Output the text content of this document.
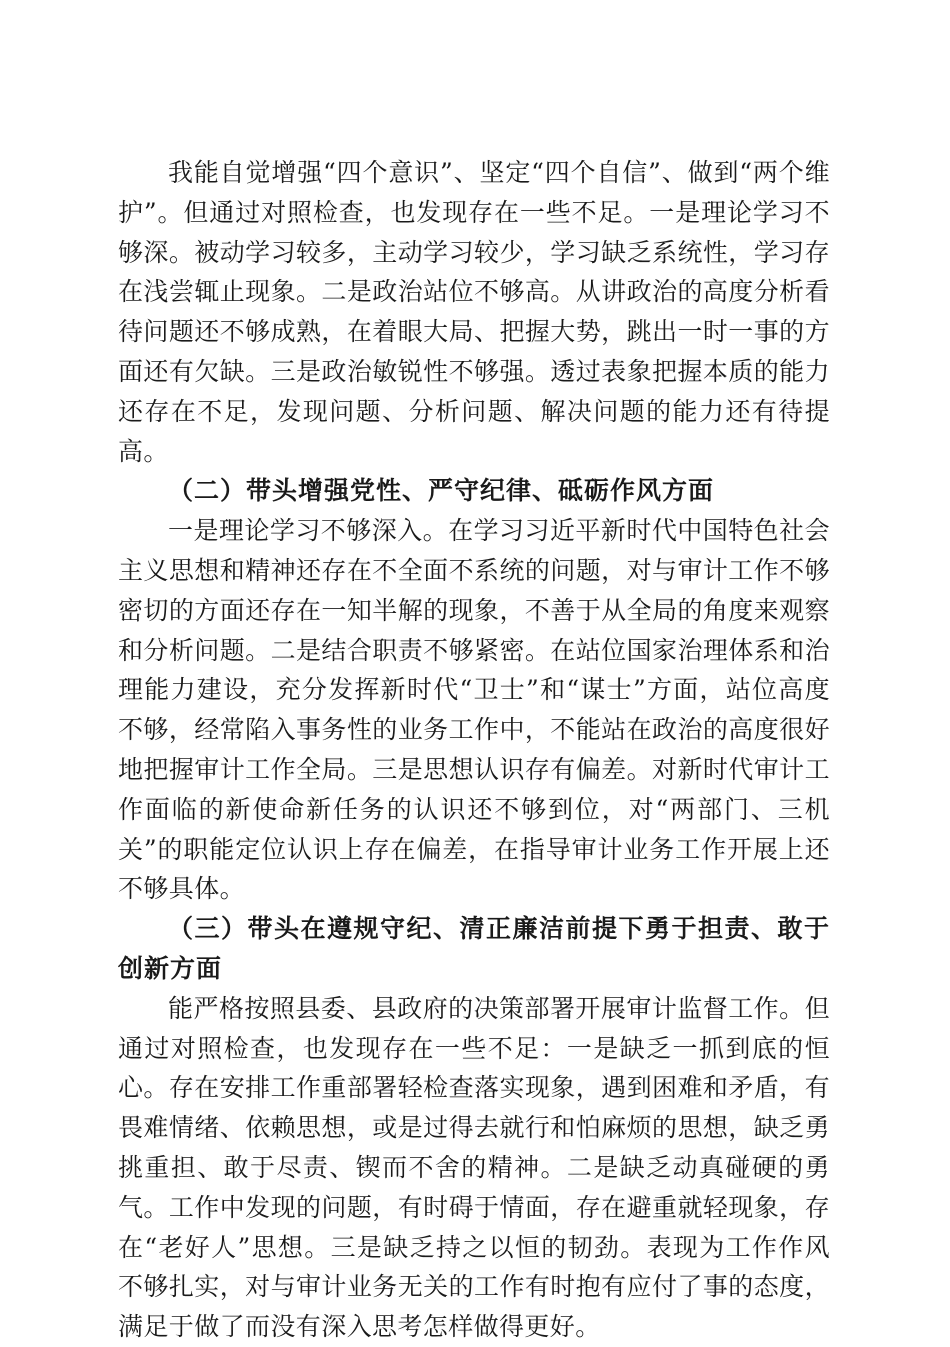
我能自觉增强“四个意识”、坚定“四个自信”、做到“两个维护”。但通过对照检查，也发现存在一些不足。一是理论学习不够深。被动学习较多，主动学习较少，学习缺乏系统性，学习存在浅尝辄止现象。二是政治站位不够高。从讲政治的高度分析看待问题还不够成熟，在着眼大局、把握大势，跳出一时一事的方面还有欠缺。三是政治敏锐性不够强。透过表象把握本质的能力还存在不足，发现问题、分析问题、解决问题的能力还有待提高。

（二）带头增强党性、严守纪律、砥砺作风方面

一是理论学习不够深入。在学习习近平新时代中国特色社会主义思想和精神还存在不全面不系统的问题，对与审计工作不够密切的方面还存在一知半解的现象，不善于从全局的角度来观察和分析问题。二是结合职责不够紧密。在站位国家治理体系和治理能力建设，充分发挥新时代“卫士”和“谋士”方面，站位高度不够，经常陷入事务性的业务工作中，不能站在政治的高度很好地把握审计工作全局。三是思想认识存有偏差。对新时代审计工作面临的新使命新任务的认识还不够到位，对“两部门、三机关”的职能定位认识上存在偏差，在指导审计业务工作开展上还不够具体。

（三）带头在遵规守纪、清正廉洁前提下勇于担责、敢于创新方面

能严格按照县委、县政府的决策部署开展审计监督工作。但通过对照检查，也发现存在一些不足：一是缺乏一抓到底的恒心。存在安排工作重部署轻检查落实现象，遇到困难和矛盾，有畏难情绪、依赖思想，或是过得去就行和怕麻烦的思想，缺乏勇挑重担、敢于尽责、锲而不舍的精神。二是缺乏动真碰硬的勇气。工作中发现的问题，有时碍于情面，存在避重就轻现象，存在“老好人”思想。三是缺乏持之以恒的韧劲。表现为工作作风不够扎实，对与审计业务无关的工作有时抱有应付了事的态度，满足于做了而没有深入思考怎样做得更好。
